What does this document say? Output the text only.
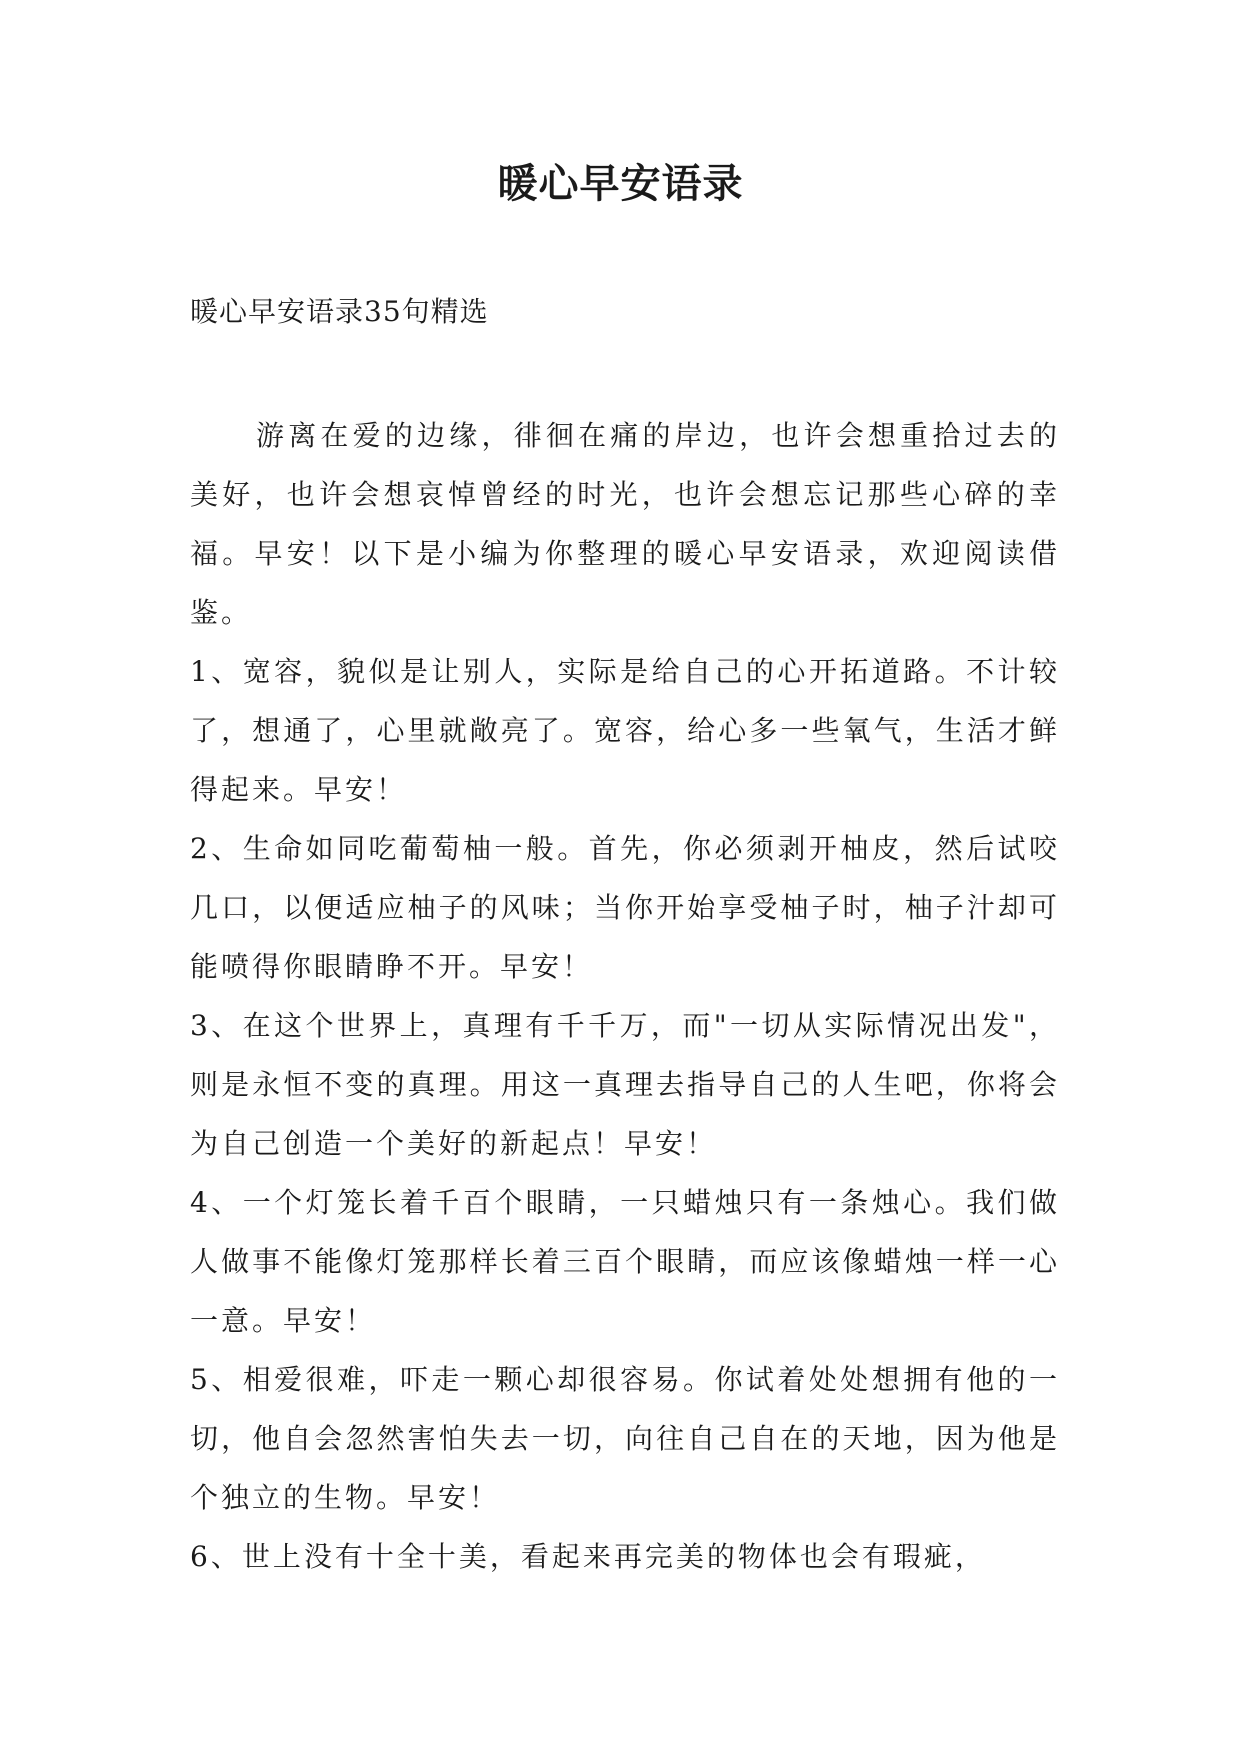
暖心早安语录

暖心早安语录35句精选

游离在爱的边缘，徘徊在痛的岸边，也许会想重拾过去的美好，也许会想哀悼曾经的时光，也许会想忘记那些心碎的幸福。早安！以下是小编为你整理的暖心早安语录，欢迎阅读借鉴。

1、宽容，貌似是让别人，实际是给自己的心开拓道路。不计较了，想通了，心里就敞亮了。宽容，给心多一些氧气，生活才鲜得起来。早安！

2、生命如同吃葡萄柚一般。首先，你必须剥开柚皮，然后试咬几口，以便适应柚子的风味；当你开始享受柚子时，柚子汁却可能喷得你眼睛睁不开。早安！

3、在这个世界上，真理有千千万，而"一切从实际情况出发"，则是永恒不变的真理。用这一真理去指导自己的人生吧，你将会为自己创造一个美好的新起点！早安！

4、一个灯笼长着千百个眼睛，一只蜡烛只有一条烛心。我们做人做事不能像灯笼那样长着三百个眼睛，而应该像蜡烛一样一心一意。早安！

5、相爱很难，吓走一颗心却很容易。你试着处处想拥有他的一切，他自会忽然害怕失去一切，向往自己自在的天地，因为他是个独立的生物。早安！

6、世上没有十全十美，看起来再完美的物体也会有瑕疵，
